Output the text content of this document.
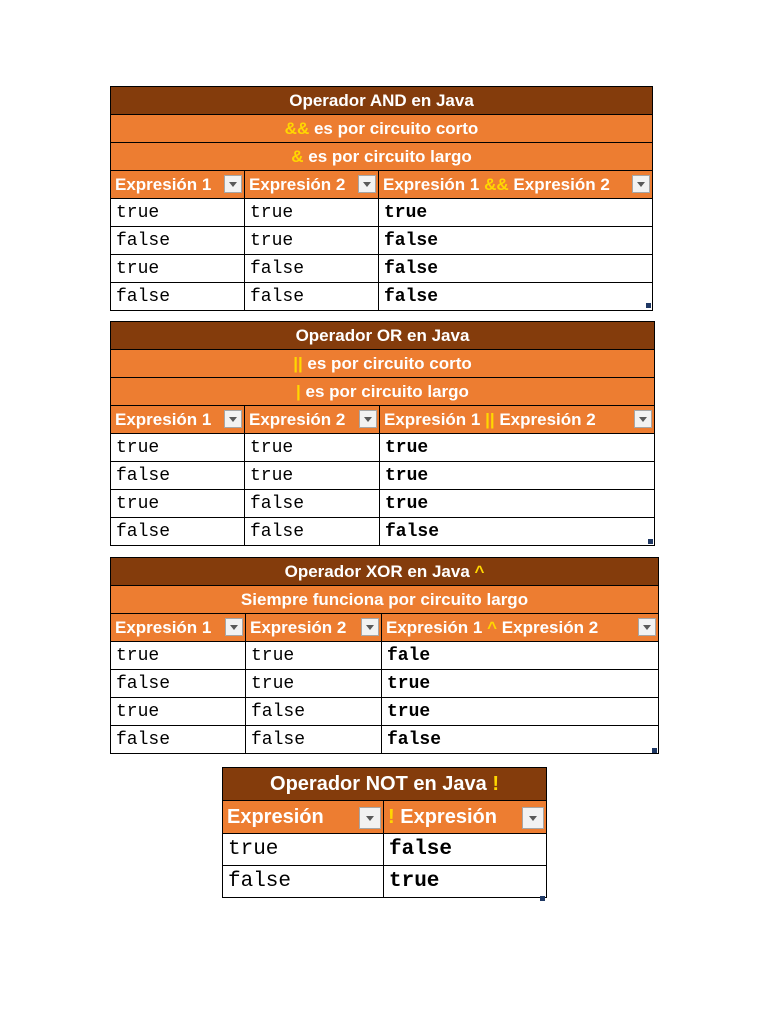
Operador AND en Java		
&& es por circuito corto		
& es por circuito largo		
Expresión 1	Expresión 2	Expresión 1 && Expresión 2

true	true	true
false	true	false
true	false	false
false	false	false
Operador OR en Java		
|| es por circuito corto		
| es por circuito largo		
Expresión 1	Expresión 2	Expresión 1 || Expresión 2

true	true	true
false	true	true
true	false	true
false	false	false
Operador XOR en Java ^		
Siempre funciona por circuito largo		
Expresión 1	Expresión 2	Expresión 1 ^ Expresión 2

true	true	fale
false	true	true
true	false	true
false	false	false
Operador NOT en Java !	
Expresión	! Expresión

true	false
false	true
